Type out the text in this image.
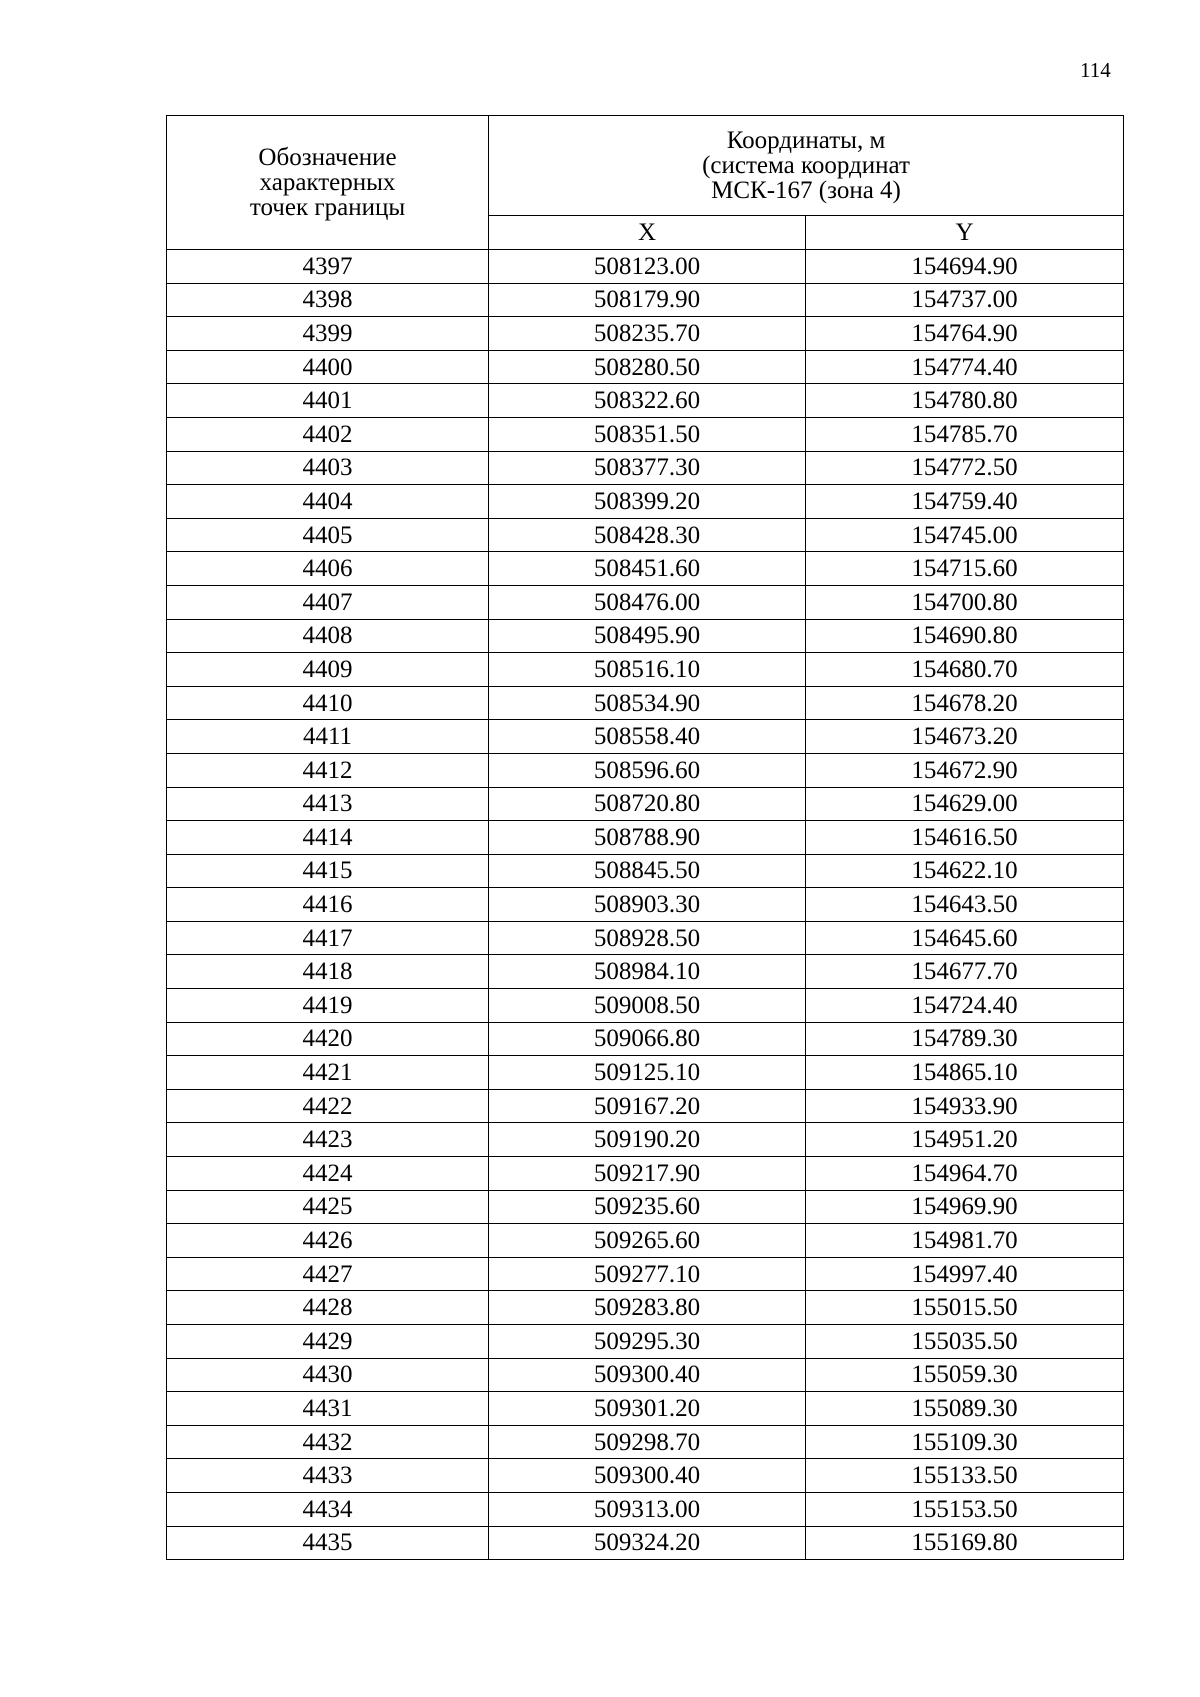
114
Обозначение
характерных
точек границы	Координаты, м
(система координат
МСК-167 (зона 4)	
	X	Y
4397	508123.00	154694.90
4398	508179.90	154737.00
4399	508235.70	154764.90
4400	508280.50	154774.40
4401	508322.60	154780.80
4402	508351.50	154785.70
4403	508377.30	154772.50
4404	508399.20	154759.40
4405	508428.30	154745.00
4406	508451.60	154715.60
4407	508476.00	154700.80
4408	508495.90	154690.80
4409	508516.10	154680.70
4410	508534.90	154678.20
4411	508558.40	154673.20
4412	508596.60	154672.90
4413	508720.80	154629.00
4414	508788.90	154616.50
4415	508845.50	154622.10
4416	508903.30	154643.50
4417	508928.50	154645.60
4418	508984.10	154677.70
4419	509008.50	154724.40
4420	509066.80	154789.30
4421	509125.10	154865.10
4422	509167.20	154933.90
4423	509190.20	154951.20
4424	509217.90	154964.70
4425	509235.60	154969.90
4426	509265.60	154981.70
4427	509277.10	154997.40
4428	509283.80	155015.50
4429	509295.30	155035.50
4430	509300.40	155059.30
4431	509301.20	155089.30
4432	509298.70	155109.30
4433	509300.40	155133.50
4434	509313.00	155153.50
4435	509324.20	155169.80
